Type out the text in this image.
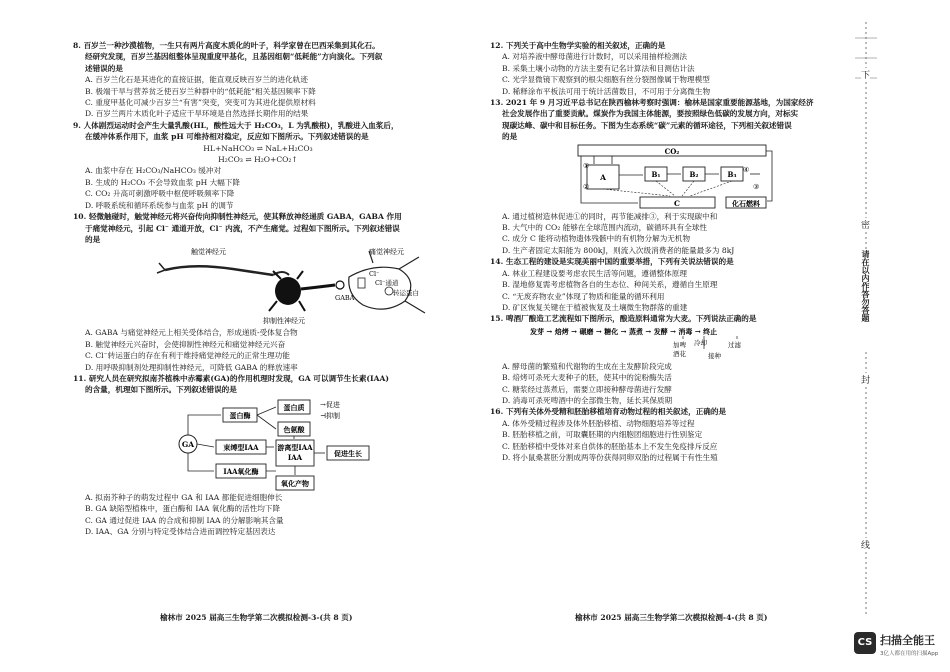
8. 百岁兰一种沙漠植物，一生只有两片高度木质化的叶子，科学家曾在巴西采集到其化石。

经研究发现，百岁兰基因组整体呈现重度甲基化，且基因组朝“低耗能”方向演化。下列叙

述错误的是

A. 百岁兰化石是其进化的直接证据，能直观反映百岁兰的进化轨迹

B. 极端干旱与营养贫乏使百岁兰种群中的“低耗能”相关基因频率下降

C. 重度甲基化可减少百岁兰“有害”突变，突变可为其进化提供原材料

D. 百岁兰两片木质化叶子适应干旱环境是自然选择长期作用的结果

9. 人体剧烈运动时会产生大量乳酸(HL，酸性远大于 H₂CO₃，L 为乳酸根)，乳酸进入血浆后，

在缓冲体系作用下，血浆 pH 可维持相对稳定，反应如下图所示。下列叙述错误的是

HL+NaHCO₃ ⇌ NaL+H₂CO₃

H₂CO₃ ⇌ H₂O+CO₂↑

A. 血浆中存在 H₂CO₃/NaHCO₃ 缓冲对

B. 生成的 H₂CO₃ 不会导致血浆 pH 大幅下降

C. CO₂ 升高可刺激呼吸中枢使呼吸频率下降

D. 呼吸系统和循环系统参与血浆 pH 的调节

10. 轻微触碰时，触觉神经元将兴奋传向抑制性神经元，使其释放神经递质 GABA，GABA 作用

于痛觉神经元，引起 Cl⁻ 通道开放，Cl⁻ 内流，不产生痛觉。过程如下图所示。下列叙述错误

的是

触觉神经元
GABA
抑制性神经元
痛觉神经元
Cl⁻
Cl⁻通道
转运蛋白

A. GABA 与痛觉神经元上相关受体结合，形成递质-受体复合物

B. 触觉神经元兴奋时，会使抑制性神经元和痛觉神经元兴奋

C. Cl⁻转运蛋白的存在有利于维持痛觉神经元的正常生理功能

D. 用呼吸抑制剂处理抑制性神经元，可降低 GABA 的释放速率

11. 研究人员在研究拟南芥植株中赤霉素(GA)的作用机理时发现，GA 可以调节生长素(IAA)

的含量，机理如下图所示。下列叙述错误的是

GA
蛋白酶
蛋白质
色氨酸
→促进
⊣抑制
束缚型IAA	游离型IAA
IAA	促进生长
IAA氧化酶
氧化产物

A. 拟南芥种子的萌发过程中 GA 和 IAA 都能促进细胞伸长

B. GA 缺陷型植株中，蛋白酶和 IAA 氧化酶的活性均下降

C. GA 通过促进 IAA 的合成和抑制 IAA 的分解影响其含量

D. IAA、GA 分别与特定受体结合进而调控特定基因表达

榆林市 2025 届高三生物学第二次模拟检测-3-(共 8 页)

12. 下列关于高中生物学实验的相关叙述，正确的是

A. 对培养液中酵母菌进行计数时，可以采用抽样检测法

B. 采集土壤小动物的方法主要有记名计算法和目测估计法

C. 光学显微镜下观察到的根尖细胞有丝分裂图像属于物理模型

D. 稀释涂布平板法可用于统计活菌数目，不可用于分离微生物

13. 2021 年 9 月习近平总书记在陕西榆林考察时强调：榆林是国家重要能源基地，为国家经济

社会发展作出了重要贡献。煤炭作为我国主体能源，要按照绿色低碳的发展方向，对标实

现碳达峰、碳中和目标任务。下图为生态系统“碳”元素的循环途径，下列相关叙述错误

的是

CO₂
A	B₁	B₂	B₃
C	化石燃料
①
②	③
④

A. 通过植树造林促进①的同时，再节能减排③，利于实现碳中和

B. 大气中的 CO₂ 能够在全球范围内流动，碳循环具有全球性

C. 成分 C 能将动植物遗体残骸中的有机物分解为无机物

D. 生产者固定太阳能为 800kJ，则流入次级消费者的能量最多为 8kJ

14. 生态工程的建设是实现美丽中国的重要举措，下列有关说法错误的是

A. 林业工程建设要考虑农民生活等问题，遵循整体原理

B. 湿地修复需考虑植物各自的生态位、种间关系，遵循自生原理

C. “无废弃物农业”体现了物质和能量的循环利用

D. 矿区恢复关键在于植被恢复及土壤微生物群落的重建

15. 啤酒厂酿造工艺流程如下图所示，酿造原料通常为大麦。下列说法正确的是

发芽 → 焙烤 → 碾磨 → 糖化 → 蒸煮 → 发酵 → 消毒 → 终止
加啤
酒花
冷却
接种
过滤

A. 酵母菌的繁殖和代谢物的生成在主发酵阶段完成

B. 焙烤可杀死大麦种子的胚，使其中的淀粉酶失活

C. 糖浆经过蒸煮后，需要立即接种酵母菌进行发酵

D. 消毒可杀死啤酒中的全部微生物，延长其保质期

16. 下列有关体外受精和胚胎移植培育动物过程的相关叙述，正确的是

A. 体外受精过程涉及体外胚胎移植、动物细胞培养等过程

B. 胚胎移植之前，可取囊胚期的内细胞团细胞进行性别鉴定

C. 胚胎移植中受体对来自供体的胚胎基本上不发生免疫排斥反应

D. 将小鼠桑葚胚分割成两等份获得同卵双胎的过程属于有性生殖

榆林市 2025 届高三生物学第二次模拟检测-4-(共 8 页)
下
密
请在以内作答勿答题
封
线
CS 扫描全能王
3亿人都在用的扫描App
